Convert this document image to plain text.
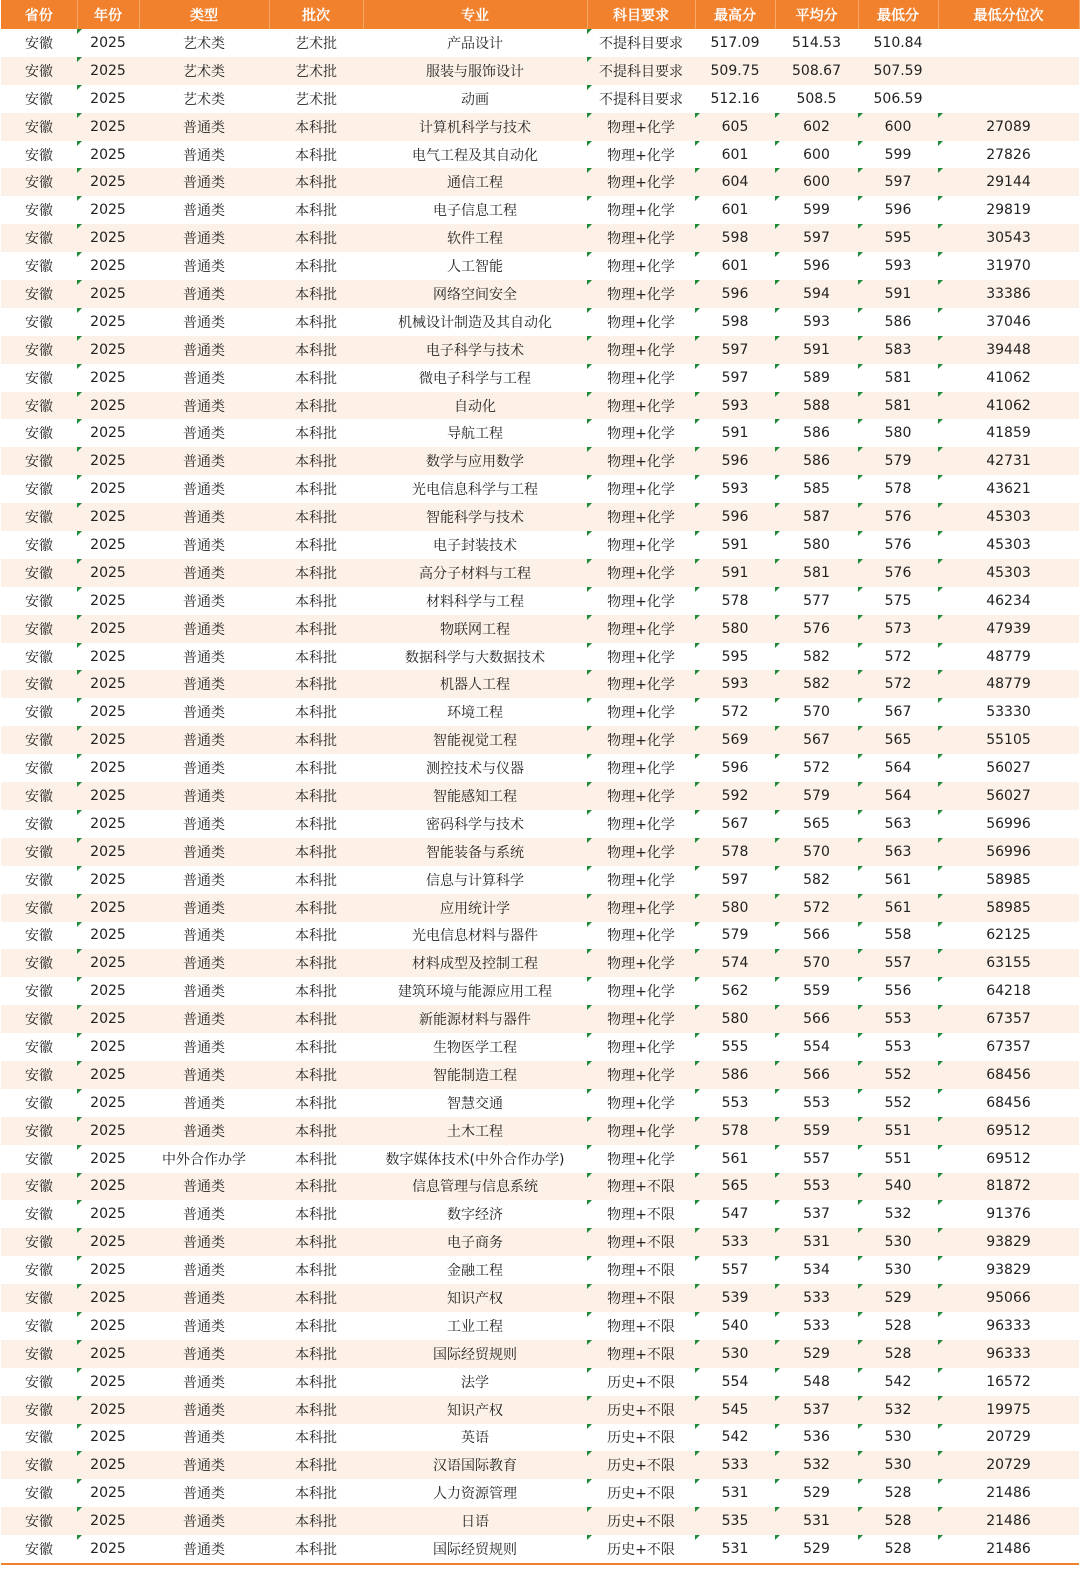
省份	年份	类型	批次	专业	科目要求	最高分	平均分	最低分	最低分位次
安徽	2025	艺术类	艺术批	产品设计	不提科目要求	517.09	514.53	510.84	
安徽	2025	艺术类	艺术批	服装与服饰设计	不提科目要求	509.75	508.67	507.59	
安徽	2025	艺术类	艺术批	动画	不提科目要求	512.16	508.5	506.59	
安徽	2025	普通类	本科批	计算机科学与技术	物理+化学	605	602	600	27089
安徽	2025	普通类	本科批	电气工程及其自动化	物理+化学	601	600	599	27826
安徽	2025	普通类	本科批	通信工程	物理+化学	604	600	597	29144
安徽	2025	普通类	本科批	电子信息工程	物理+化学	601	599	596	29819
安徽	2025	普通类	本科批	软件工程	物理+化学	598	597	595	30543
安徽	2025	普通类	本科批	人工智能	物理+化学	601	596	593	31970
安徽	2025	普通类	本科批	网络空间安全	物理+化学	596	594	591	33386
安徽	2025	普通类	本科批	机械设计制造及其自动化	物理+化学	598	593	586	37046
安徽	2025	普通类	本科批	电子科学与技术	物理+化学	597	591	583	39448
安徽	2025	普通类	本科批	微电子科学与工程	物理+化学	597	589	581	41062
安徽	2025	普通类	本科批	自动化	物理+化学	593	588	581	41062
安徽	2025	普通类	本科批	导航工程	物理+化学	591	586	580	41859
安徽	2025	普通类	本科批	数学与应用数学	物理+化学	596	586	579	42731
安徽	2025	普通类	本科批	光电信息科学与工程	物理+化学	593	585	578	43621
安徽	2025	普通类	本科批	智能科学与技术	物理+化学	596	587	576	45303
安徽	2025	普通类	本科批	电子封装技术	物理+化学	591	580	576	45303
安徽	2025	普通类	本科批	高分子材料与工程	物理+化学	591	581	576	45303
安徽	2025	普通类	本科批	材料科学与工程	物理+化学	578	577	575	46234
安徽	2025	普通类	本科批	物联网工程	物理+化学	580	576	573	47939
安徽	2025	普通类	本科批	数据科学与大数据技术	物理+化学	595	582	572	48779
安徽	2025	普通类	本科批	机器人工程	物理+化学	593	582	572	48779
安徽	2025	普通类	本科批	环境工程	物理+化学	572	570	567	53330
安徽	2025	普通类	本科批	智能视觉工程	物理+化学	569	567	565	55105
安徽	2025	普通类	本科批	测控技术与仪器	物理+化学	596	572	564	56027
安徽	2025	普通类	本科批	智能感知工程	物理+化学	592	579	564	56027
安徽	2025	普通类	本科批	密码科学与技术	物理+化学	567	565	563	56996
安徽	2025	普通类	本科批	智能装备与系统	物理+化学	578	570	563	56996
安徽	2025	普通类	本科批	信息与计算科学	物理+化学	597	582	561	58985
安徽	2025	普通类	本科批	应用统计学	物理+化学	580	572	561	58985
安徽	2025	普通类	本科批	光电信息材料与器件	物理+化学	579	566	558	62125
安徽	2025	普通类	本科批	材料成型及控制工程	物理+化学	574	570	557	63155
安徽	2025	普通类	本科批	建筑环境与能源应用工程	物理+化学	562	559	556	64218
安徽	2025	普通类	本科批	新能源材料与器件	物理+化学	580	566	553	67357
安徽	2025	普通类	本科批	生物医学工程	物理+化学	555	554	553	67357
安徽	2025	普通类	本科批	智能制造工程	物理+化学	586	566	552	68456
安徽	2025	普通类	本科批	智慧交通	物理+化学	553	553	552	68456
安徽	2025	普通类	本科批	土木工程	物理+化学	578	559	551	69512
安徽	2025	中外合作办学	本科批	数字媒体技术(中外合作办学)	物理+化学	561	557	551	69512
安徽	2025	普通类	本科批	信息管理与信息系统	物理+不限	565	553	540	81872
安徽	2025	普通类	本科批	数字经济	物理+不限	547	537	532	91376
安徽	2025	普通类	本科批	电子商务	物理+不限	533	531	530	93829
安徽	2025	普通类	本科批	金融工程	物理+不限	557	534	530	93829
安徽	2025	普通类	本科批	知识产权	物理+不限	539	533	529	95066
安徽	2025	普通类	本科批	工业工程	物理+不限	540	533	528	96333
安徽	2025	普通类	本科批	国际经贸规则	物理+不限	530	529	528	96333
安徽	2025	普通类	本科批	法学	历史+不限	554	548	542	16572
安徽	2025	普通类	本科批	知识产权	历史+不限	545	537	532	19975
安徽	2025	普通类	本科批	英语	历史+不限	542	536	530	20729
安徽	2025	普通类	本科批	汉语国际教育	历史+不限	533	532	530	20729
安徽	2025	普通类	本科批	人力资源管理	历史+不限	531	529	528	21486
安徽	2025	普通类	本科批	日语	历史+不限	535	531	528	21486
安徽	2025	普通类	本科批	国际经贸规则	历史+不限	531	529	528	21486
